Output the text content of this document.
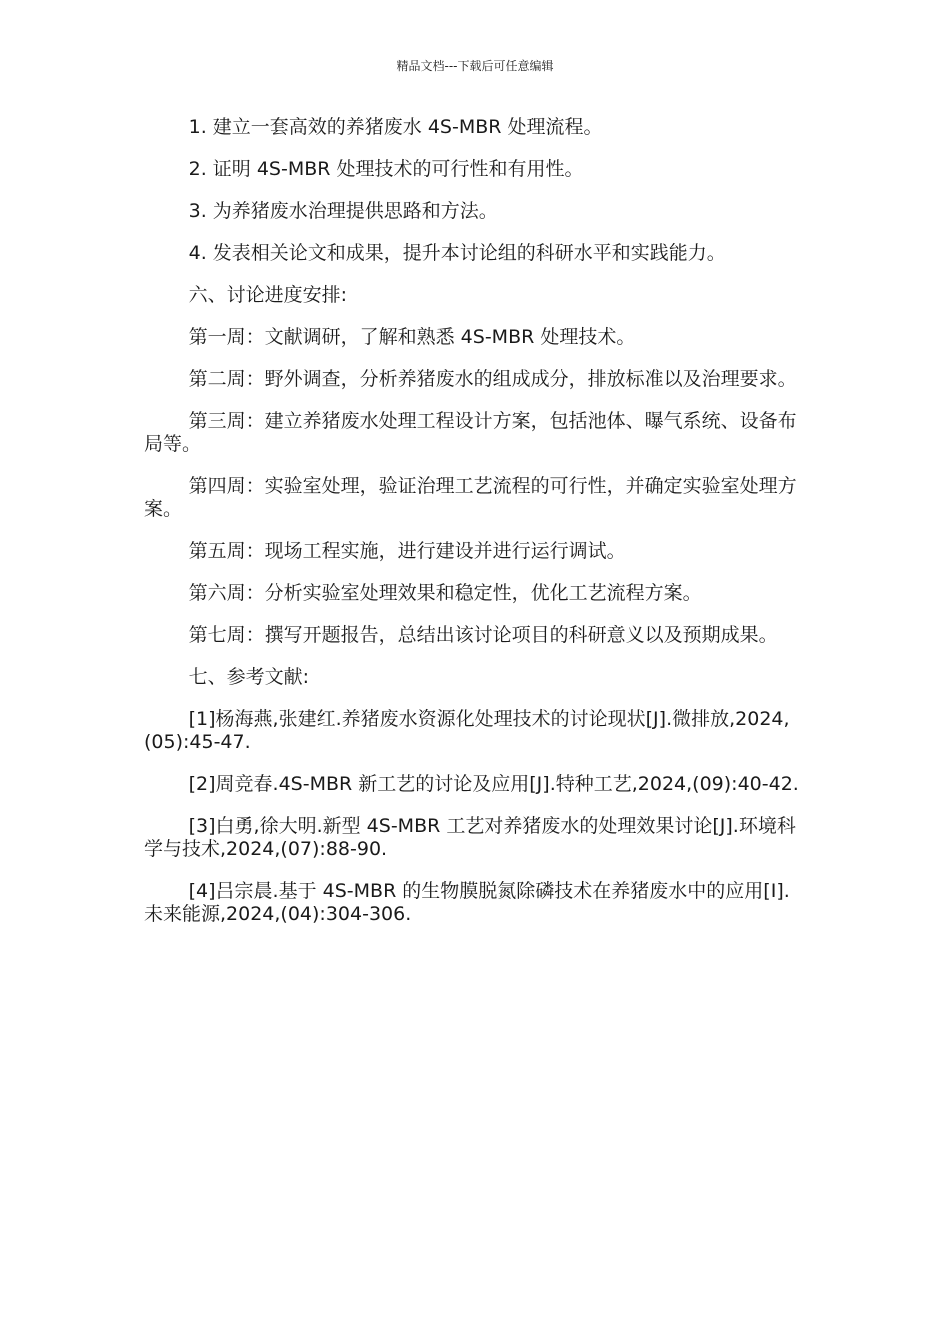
精品文档---下载后可任意编辑

1. 建立一套高效的养猪废水 4S-MBR 处理流程。

2. 证明 4S-MBR 处理技术的可行性和有用性。

3. 为养猪废水治理提供思路和方法。

4. 发表相关论文和成果，提升本讨论组的科研水平和实践能力。

六、讨论进度安排:

第一周：文献调研，了解和熟悉 4S-MBR 处理技术。

第二周：野外调查，分析养猪废水的组成成分，排放标准以及治理要求。

第三周：建立养猪废水处理工程设计方案，包括池体、曝气系统、设备布局等。

第四周：实验室处理，验证治理工艺流程的可行性，并确定实验室处理方案。

第五周：现场工程实施，进行建设并进行运行调试。

第六周：分析实验室处理效果和稳定性，优化工艺流程方案。

第七周：撰写开题报告，总结出该讨论项目的科研意义以及预期成果。

七、参考文献:

[1]杨海燕,张建红.养猪废水资源化处理技术的讨论现状[J].微排放,2024,(05):45-47.

[2]周竞春.4S-MBR 新工艺的讨论及应用[J].特种工艺,2024,(09):40-42.

[3]白勇,徐大明.新型 4S-MBR 工艺对养猪废水的处理效果讨论[J].环境科学与技术,2024,(07):88-90.

[4]吕宗晨.基于 4S-MBR 的生物膜脱氮除磷技术在养猪废水中的应用[I].未来能源,2024,(04):304-306.
